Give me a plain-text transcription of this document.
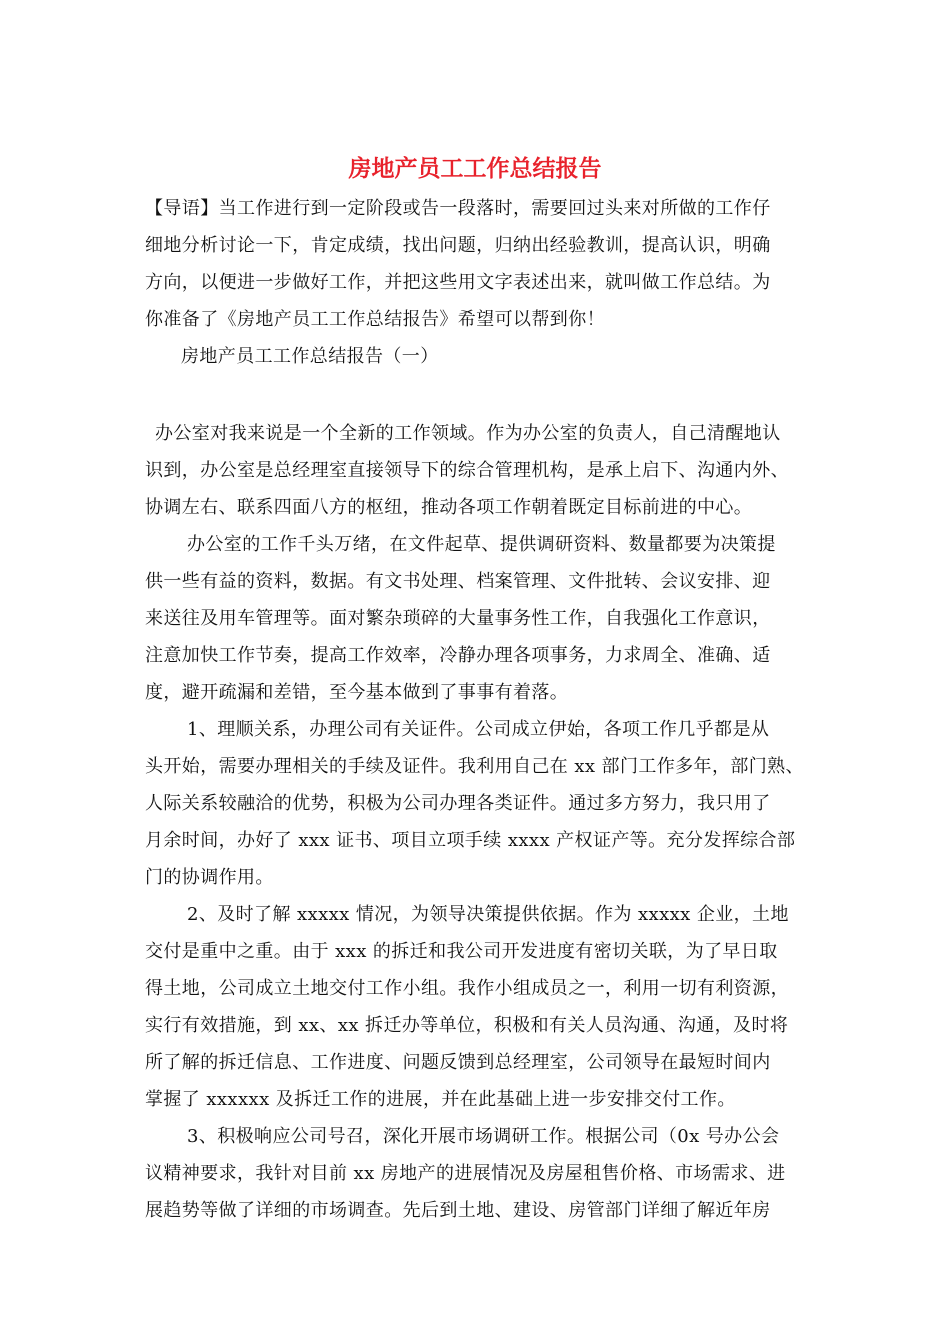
房地产员工工作总结报告
【导语】当工作进行到一定阶段或告一段落时，需要回过头来对所做的工作仔
细地分析讨论一下，肯定成绩，找出问题，归纳出经验教训，提高认识，明确
方向，以便进一步做好工作，并把这些用文字表述出来，就叫做工作总结。为
你准备了《房地产员工工作总结报告》希望可以帮到你！
房地产员工工作总结报告（一）
办公室对我来说是一个全新的工作领域。作为办公室的负责人，自己清醒地认
识到，办公室是总经理室直接领导下的综合管理机构，是承上启下、沟通内外、
协调左右、联系四面八方的枢纽，推动各项工作朝着既定目标前进的中心。
办公室的工作千头万绪，在文件起草、提供调研资料、数量都要为决策提
供一些有益的资料，数据。有文书处理、档案管理、文件批转、会议安排、迎
来送往及用车管理等。面对繁杂琐碎的大量事务性工作，自我强化工作意识，
注意加快工作节奏，提高工作效率，冷静办理各项事务，力求周全、准确、适
度，避开疏漏和差错，至今基本做到了事事有着落。
1、理顺关系，办理公司有关证件。公司成立伊始，各项工作几乎都是从
头开始，需要办理相关的手续及证件。我利用自己在 xx 部门工作多年，部门熟、
人际关系较融洽的优势，积极为公司办理各类证件。通过多方努力，我只用了
月余时间，办好了 xxx 证书、项目立项手续 xxxx 产权证产等。充分发挥综合部
门的协调作用。
2、及时了解 xxxxx 情况，为领导决策提供依据。作为 xxxxx 企业，土地
交付是重中之重。由于 xxx 的拆迁和我公司开发进度有密切关联，为了早日取
得土地，公司成立土地交付工作小组。我作小组成员之一，利用一切有利资源，
实行有效措施，到 xx、xx 拆迁办等单位，积极和有关人员沟通、沟通，及时将
所了解的拆迁信息、工作进度、问题反馈到总经理室，公司领导在最短时间内
掌握了 xxxxxx 及拆迁工作的进展，并在此基础上进一步安排交付工作。
3、积极响应公司号召，深化开展市场调研工作。根据公司（0x 号办公会
议精神要求，我针对目前 xx 房地产的进展情况及房屋租售价格、市场需求、进
展趋势等做了详细的市场调查。先后到土地、建设、房管部门详细了解近年房
